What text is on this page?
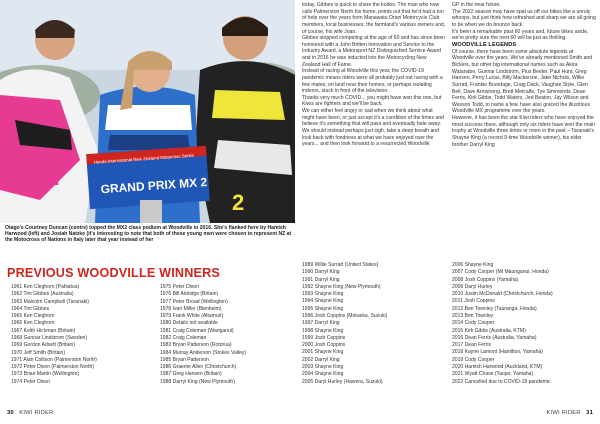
31
2
Honda International New Zealand Motocross Series
GRAND PRIX MX 2

Otago's Courtney Duncan (centre) topped the MX2 class podium at Woodville in 2016. She's flanked here by Hamish Harwood (left) and Josiah Natzke (it's interesting to note that both of these young men were chosen to represent NZ at the Motocross of Nations in Italy later that year instead of her

today, Gibbes is quick to share the kudos. The man who now calls Palmerston North his home, points out that he'd had a ton of help over the years from Manawatu Orion Motorcycle Club members, local businesses, the farmland's various owners and, of course, his wife Joan.

Gibbes stopped competing at the age of 60 and has since been honoured with a John Britten Innovation and Service to the Industry Award, a Motorsport NZ Distinguished Service Award and in 2016 he was inducted into the Motorcycling New Zealand Hall of Fame.

Instead of racing at Woodville this year, the COVID-19 pandemic means riders were all probably just out racing with a few mates, on land near their homes, or perhaps isolating indoors, stuck in front of the television.

Thanks very much COVID... you might have won this one, but Kiwis are fighters and we'll be back.

We can either feel angry or sad when we think about what might have been, or just accept it's a condition of the times and believe it's something that will pass and eventually fade away.

We should instead perhaps just sigh, take a deep breath and look back with fondness at what we have enjoyed over the years... and then look forward to a resurrected Woodville

GP in the near future.

The 2022 season may have spat us off our bikes like a unruly whoops, but just think how refreshed and sharp we are all going to be when we do bounce back.

It's been a remarkable past 60 years and, future bikes aside, we're pretty sure the next 60 will be just as thrilling.

WOODVILLE LEGENDS

Of course, there have been some absolute legends at Woodville over the years. We've already mentioned Smith and Bickers, but other big international names such as Akira Watanabe, Gunnar Lindstrom, Pius Beeler, Paul Hunt, Greg Hansen, Perry Lucas, Billy Mackenzie, Jake Nichols, Willie Surratt, Frankie Brundage, Craig Dack, Vaughan Style, Glen Bell, Dave Armstrong, Brett Metcalfe, Tye Simmonds, Dean Ferris, Kirk Gibbs, Todd Waters, Jed Beaton, Jay Wilson and Wesson Todd, to name a few, have also graced the illustrious Woodville MX programme over the years.

However, it has been the star Kiwi riders who have enjoyed the most success there, although only six riders have won the main trophy at Woodville three times or more in the past – Taranaki's Shayne King (a record 9-time Woodville winner), his elder brother Darryl King

PREVIOUS WOODVILLE WINNERS
1961 Ken Cleghorn (Pahiatua)
1962 Tim Gibbes (Australia)
1963 Malcolm Campbell (Taranaki)
1964 Tim Gibbes
1965 Ken Cleghorn
1966 Ken Cleghorn
1967 Keith Hickman (Britain)
1968 Gunnar Lindstrom (Sweden)
1969 Gordon Adsett (Britain)
1970 Jeff Smith (Britain)
1971 Alan Collison (Palmerston North)
1972 Peter Dixon (Palmerston North)
1973 Brian Martin (Wellington)
1974 Peter Dixon
1975 Peter Dixon
1976 Bill Aldridge (Britain)
1977 Peter Broad (Wellington)
1978 Ivan Miller (Blenheim)
1979 Frank White (Altamuri)
1980 Details not available
1981 Craig Coleman (Wanganui)
1982 Craig Coleman
1983 Bryan Patterson (Rotorua)
1984 Murray Anderson (Stokes Valley)
1985 Bryan Patterson
1986 Graeme Allen (Christchurch)
1987 Greg Hansen (Britain)
1988 Darryl King (New Plymouth)
1989 Willie Surratt (United States)
1990 Darryl King
1991 Darryl King
1992 Shayne King (New Plymouth)
1993 Shayne King
1994 Shayne King
1995 Shayne King
1996 Josh Coppins (Motueka, Suzuki)
1997 Darryl King
1998 Shayne King
1999 Josh Coppins
2000 Josh Coppins
2001 Shayne King
2002 Darryl King
2003 Shayne King
2004 Shayne King
2005 Daryl Hurley (Hawera, Suzuki)
2006 Shayne King
2007 Cody Cooper (Mt Maunganui, Honda)
2008 Josh Coppins (Yamaha)
2009 Daryl Hurley
2010 Justin McDonald (Christchurch, Honda)
2011 Josh Coppins
2012 Ben Townley (Tauranga, Honda)
2013 Ben Townley
2014 Cody Cooper
2015 Kirk Gibbs (Australia, KTM)
2016 Dean Ferris (Australia, Yamaha)
2017 Dean Ferris
2018 Kayne Lamont (Hamilton, Yamaha)
2019 Cody Cooper
2020 Hamish Harwood (Auckland, KTM)
2021 Wyatt Chase (Taupo, Yamaha)
2022 Cancelled due to COVID-19 pandemic
30 KIWI RIDER	KIWI RIDER 31
